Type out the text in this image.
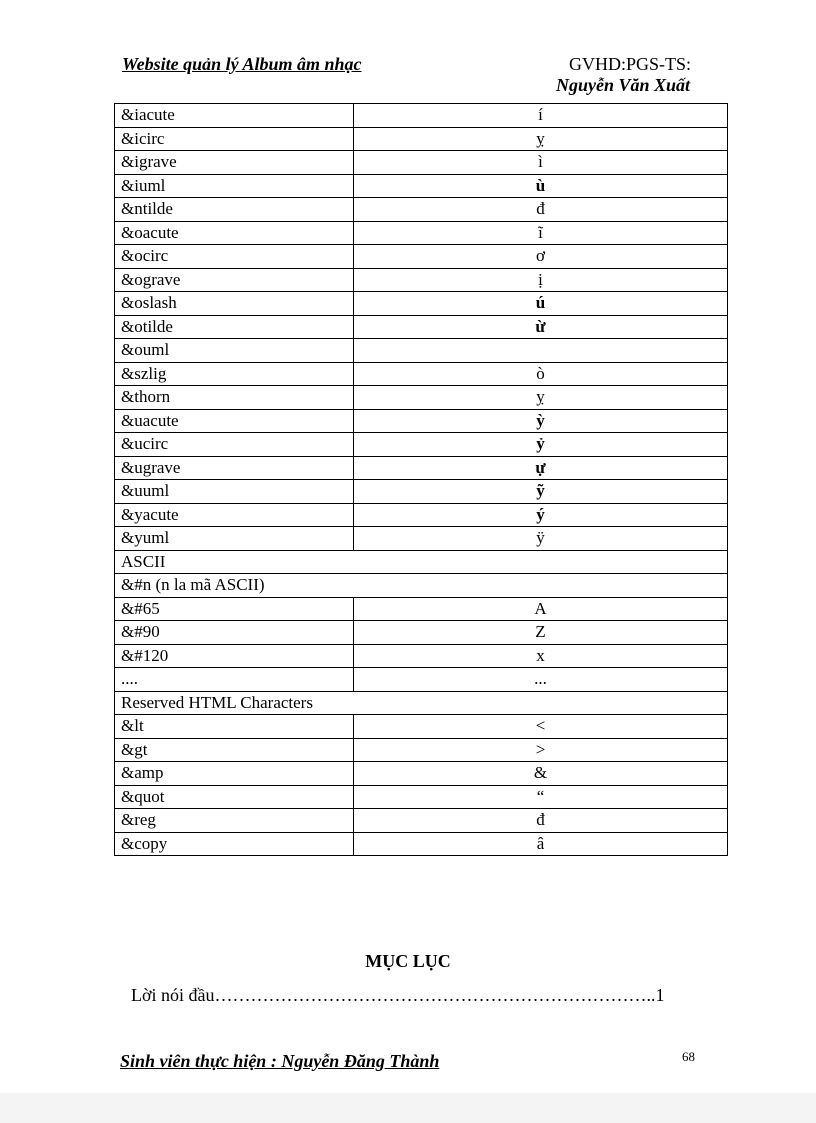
Website quản lý Album âm nhạc	GVHD:PGS-TS:
Nguyễn Văn Xuất
&iacute	í
&icirc	ỵ
&igrave	ì
&iuml	ù
&ntilde	đ
&oacute	ĩ
&ocirc	ơ
&ograve	ị
&oslash	ú
&otilde	ừ
&ouml	
&szlig	ò
&thorn	ỵ
&uacute	ỳ
&ucirc	ỷ
&ugrave	ự
&uuml	ỹ
&yacute	ý
&yuml	ÿ
ASCII	
&#n (n la mã ASCII)	
&#65	A
&#90	Z
&#120	x
....	...
Reserved HTML Characters	
&lt	<
&gt	>
&amp	&
&quot	“
&reg	đ
&copy	â
MỤC LỤC
Lời nói đầu………………………………………………………………..1
Sinh viên thực hiện : Nguyễn Đăng Thành	68
